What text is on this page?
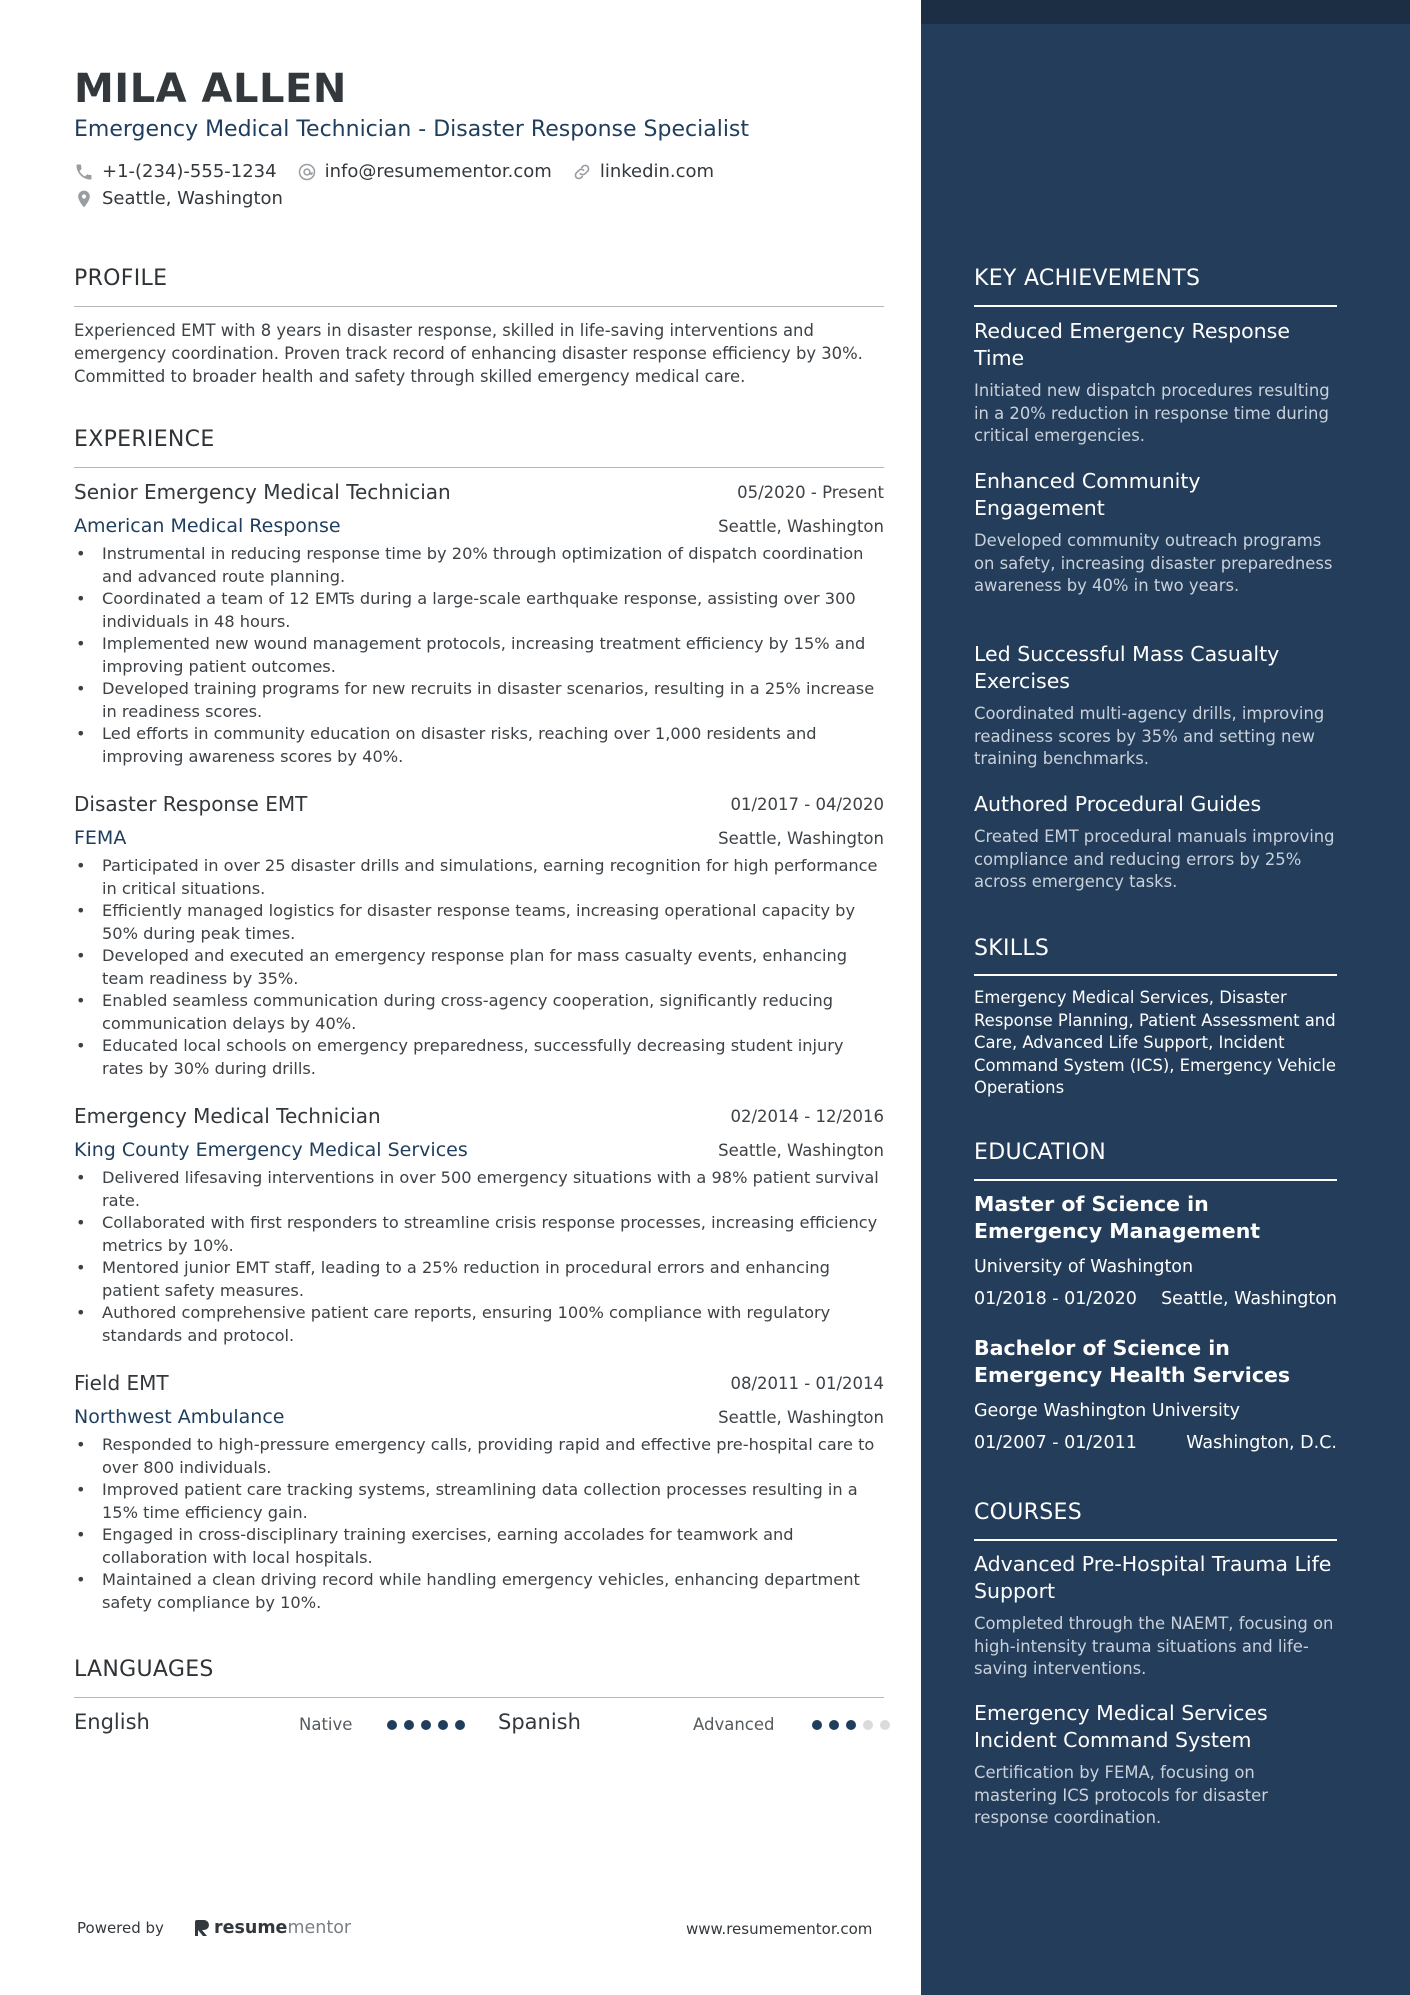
MILA ALLEN
Emergency Medical Technician - Disaster Response Specialist
+1-(234)-555-1234	info@resumementor.com	linkedin.com
Seattle, Washington
PROFILE
Experienced EMT with 8 years in disaster response, skilled in life-saving interventions and emergency coordination. Proven track record of enhancing disaster response efficiency by 30%. Committed to broader health and safety through skilled emergency medical care.
EXPERIENCE
Senior Emergency Medical Technician	05/2020 - Present
American Medical Response	Seattle, Washington
• Instrumental in reducing response time by 20% through optimization of dispatch coordination and advanced route planning.
• Coordinated a team of 12 EMTs during a large-scale earthquake response, assisting over 300 individuals in 48 hours.
• Implemented new wound management protocols, increasing treatment efficiency by 15% and improving patient outcomes.
• Developed training programs for new recruits in disaster scenarios, resulting in a 25% increase in readiness scores.
• Led efforts in community education on disaster risks, reaching over 1,000 residents and improving awareness scores by 40%.
Disaster Response EMT	01/2017 - 04/2020
FEMA	Seattle, Washington
• Participated in over 25 disaster drills and simulations, earning recognition for high performance in critical situations.
• Efficiently managed logistics for disaster response teams, increasing operational capacity by 50% during peak times.
• Developed and executed an emergency response plan for mass casualty events, enhancing team readiness by 35%.
• Enabled seamless communication during cross-agency cooperation, significantly reducing communication delays by 40%.
• Educated local schools on emergency preparedness, successfully decreasing student injury rates by 30% during drills.
Emergency Medical Technician	02/2014 - 12/2016
King County Emergency Medical Services	Seattle, Washington
• Delivered lifesaving interventions in over 500 emergency situations with a 98% patient survival rate.
• Collaborated with first responders to streamline crisis response processes, increasing efficiency metrics by 10%.
• Mentored junior EMT staff, leading to a 25% reduction in procedural errors and enhancing patient safety measures.
• Authored comprehensive patient care reports, ensuring 100% compliance with regulatory standards and protocol.
Field EMT	08/2011 - 01/2014
Northwest Ambulance	Seattle, Washington
• Responded to high-pressure emergency calls, providing rapid and effective pre-hospital care to over 800 individuals.
• Improved patient care tracking systems, streamlining data collection processes resulting in a 15% time efficiency gain.
• Engaged in cross-disciplinary training exercises, earning accolades for teamwork and collaboration with local hospitals.
• Maintained a clean driving record while handling emergency vehicles, enhancing department safety compliance by 10%.
LANGUAGES
English	Native	Spanish	Advanced
Powered by	resume mentor	www.resumementor.com
KEY ACHIEVEMENTS
Reduced Emergency Response Time
Initiated new dispatch procedures resulting in a 20% reduction in response time during critical emergencies.
Enhanced Community Engagement
Developed community outreach programs on safety, increasing disaster preparedness awareness by 40% in two years.
Led Successful Mass Casualty Exercises
Coordinated multi-agency drills, improving readiness scores by 35% and setting new training benchmarks.
Authored Procedural Guides
Created EMT procedural manuals improving compliance and reducing errors by 25% across emergency tasks.
SKILLS
Emergency Medical Services, Disaster Response Planning, Patient Assessment and Care, Advanced Life Support, Incident Command System (ICS), Emergency Vehicle Operations
EDUCATION
Master of Science in Emergency Management
University of Washington
01/2018 - 01/2020 Seattle, Washington
Bachelor of Science in Emergency Health Services
George Washington University
01/2007 - 01/2011	Washington, D.C.
COURSES
Advanced Pre-Hospital Trauma Life Support
Completed through the NAEMT, focusing on high-intensity trauma situations and life-saving interventions.
Emergency Medical Services Incident Command System
Certification by FEMA, focusing on mastering ICS protocols for disaster response coordination.
